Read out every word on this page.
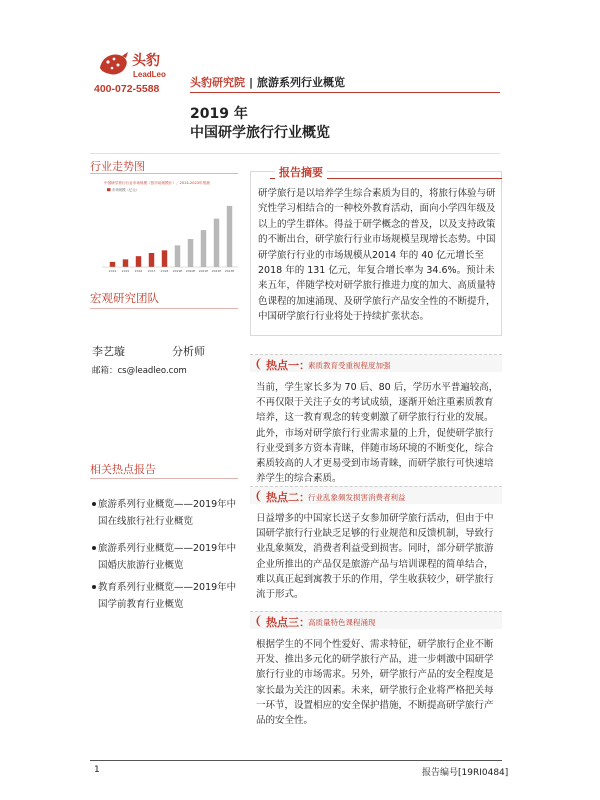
头豹
LeadLeo
400-072-5588	头豹研究院 | 旅游系列行业概览
2019 年
中国研学旅行行业概览
行业走势图
中国研学旅行行业市场规模（按市场规模计），2014-2023年预测
市场规模（亿元）
2014 2015 2016 2017 2018 2019E 2020E 2021E 2022E 2023E
宏观研究团队
李艺璇	分析师
邮箱：cs@leadleo.com
相关热点报告
旅游系列行业概览——2019年中国在线旅行社行业概览
旅游系列行业概览——2019年中国婚庆旅游行业概览
教育系列行业概览——2019年中国学前教育行业概览
报告摘要
研学旅行是以培养学生综合素质为目的，将旅行体验与研究性学习相结合的一种校外教育活动，面向小学四年级及以上的学生群体。得益于研学概念的普及，以及支持政策的不断出台，研学旅行行业市场规模呈现增长态势。中国研学旅行行业的市场规模从2014 年的 40 亿元增长至 2018 年的 131 亿元，年复合增长率为 34.6%。预计未来五年，伴随学校对研学旅行推进力度的加大、高质量特色课程的加速涌现、及研学旅行产品安全性的不断提升，中国研学旅行行业将处于持续扩张状态。
热点一：
素质教育受重视程度加强
当前，学生家长多为 70 后、80 后，学历水平普遍较高，不再仅限于关注子女的考试成绩，逐渐开始注重素质教育培养，这一教育观念的转变刺激了研学旅行行业的发展。此外，市场对研学旅行行业需求量的上升，促使研学旅行行业受到多方资本青睐，伴随市场环境的不断变化，综合素质较高的人才更易受到市场青睐，而研学旅行可快速培养学生的综合素质。
热点二：
行业乱象频发损害消费者利益
日益增多的中国家长送子女参加研学旅行活动，但由于中国研学旅行行业缺乏足够的行业规范和反馈机制，导致行业乱象频发，消费者利益受到损害。同时，部分研学旅游企业所推出的产品仅是旅游产品与培训课程的简单结合，难以真正起到寓教于乐的作用，学生收获较少，研学旅行流于形式。
热点三：
高质量特色课程涌现
根据学生的不同个性爱好、需求特征，研学旅行企业不断开发、推出多元化的研学旅行产品，进一步刺激中国研学旅行行业的市场需求。另外，研学旅行产品的安全程度是家长最为关注的因素。未来，研学旅行企业将严格把关每一环节，设置相应的安全保护措施，不断提高研学旅行产品的安全性。
1	报告编号[19RI0484]
